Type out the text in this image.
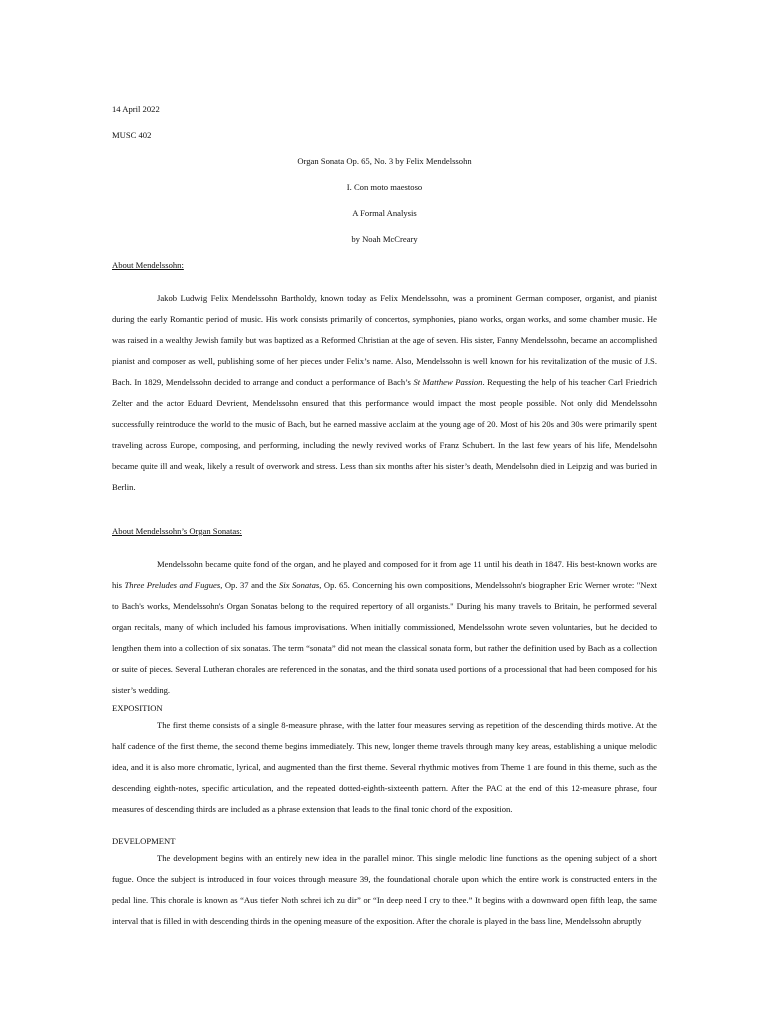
14 April 2022

MUSC 402

Organ Sonata Op. 65, No. 3 by Felix Mendelssohn

I. Con moto maestoso

A Formal Analysis

by Noah McCreary

About Mendelssohn:

Jakob Ludwig Felix Mendelssohn Bartholdy, known today as Felix Mendelssohn, was a prominent German composer, organist, and pianist during the early Romantic period of music. His work consists primarily of concertos, symphonies, piano works, organ works, and some chamber music. He was raised in a wealthy Jewish family but was baptized as a Reformed Christian at the age of seven. His sister, Fanny Mendelssohn, became an accomplished pianist and composer as well, publishing some of her pieces under Felix’s name. Also, Mendelssohn is well known for his revitalization of the music of J.S. Bach. In 1829, Mendelssohn decided to arrange and conduct a performance of Bach’s St Matthew Passion. Requesting the help of his teacher Carl Friedrich Zelter and the actor Eduard Devrient, Mendelssohn ensured that this performance would impact the most people possible. Not only did Mendelssohn successfully reintroduce the world to the music of Bach, but he earned massive acclaim at the young age of 20. Most of his 20s and 30s were primarily spent traveling across Europe, composing, and performing, including the newly revived works of Franz Schubert. In the last few years of his life, Mendelsohn became quite ill and weak, likely a result of overwork and stress. Less than six months after his sister’s death, Mendelsohn died in Leipzig and was buried in Berlin.

About Mendelssohn’s Organ Sonatas:

Mendelssohn became quite fond of the organ, and he played and composed for it from age 11 until his death in 1847. His best-known works are his Three Preludes and Fugues, Op. 37 and the Six Sonatas, Op. 65. Concerning his own compositions, Mendelssohn's biographer Eric Werner wrote: "Next to Bach's works, Mendelssohn's Organ Sonatas belong to the required repertory of all organists." During his many travels to Britain, he performed several organ recitals, many of which included his famous improvisations. When initially commissioned, Mendelssohn wrote seven voluntaries, but he decided to lengthen them into a collection of six sonatas. The term “sonata” did not mean the classical sonata form, but rather the definition used by Bach as a collection or suite of pieces. Several Lutheran chorales are referenced in the sonatas, and the third sonata used portions of a processional that had been composed for his sister’s wedding.

EXPOSITION

The first theme consists of a single 8-measure phrase, with the latter four measures serving as repetition of the descending thirds motive. At the half cadence of the first theme, the second theme begins immediately. This new, longer theme travels through many key areas, establishing a unique melodic idea, and it is also more chromatic, lyrical, and augmented than the first theme. Several rhythmic motives from Theme 1 are found in this theme, such as the descending eighth-notes, specific articulation, and the repeated dotted-eighth-sixteenth pattern. After the PAC at the end of this 12-measure phrase, four measures of descending thirds are included as a phrase extension that leads to the final tonic chord of the exposition.

DEVELOPMENT

The development begins with an entirely new idea in the parallel minor. This single melodic line functions as the opening subject of a short fugue. Once the subject is introduced in four voices through measure 39, the foundational chorale upon which the entire work is constructed enters in the pedal line. This chorale is known as “Aus tiefer Noth schrei ich zu dir” or “In deep need I cry to thee.” It begins with a downward open fifth leap, the same interval that is filled in with descending thirds in the opening measure of the exposition. After the chorale is played in the bass line, Mendelssohn abruptly
